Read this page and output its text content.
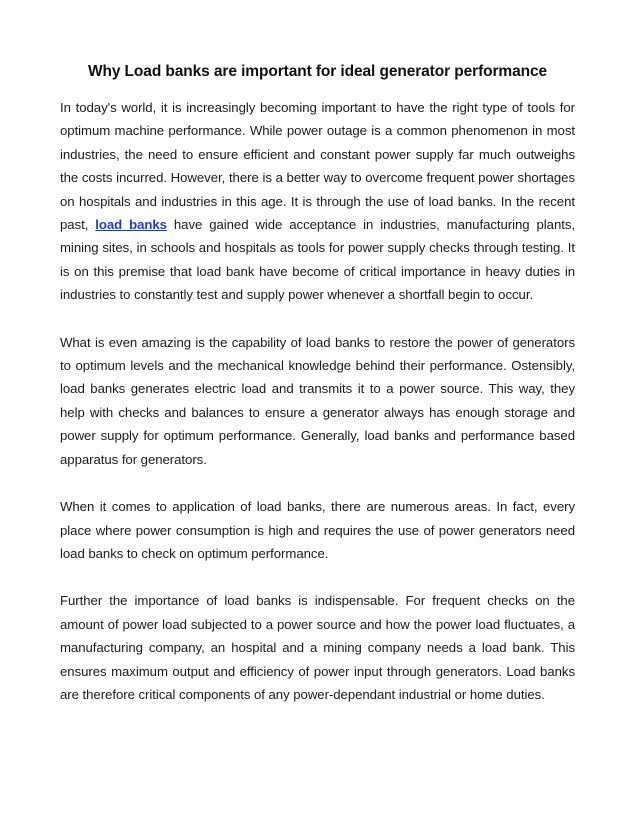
Why Load banks are important for ideal generator performance

In today's world, it is increasingly becoming important to have the right type of tools for optimum machine performance. While power outage is a common phenomenon in most industries, the need to ensure efficient and constant power supply far much outweighs the costs incurred. However, there is a better way to overcome frequent power shortages on hospitals and industries in this age. It is through the use of load banks. In the recent past, load banks have gained wide acceptance in industries, manufacturing plants, mining sites, in schools and hospitals as tools for power supply checks through testing. It is on this premise that load bank have become of critical importance in heavy duties in industries to constantly test and supply power whenever a shortfall begin to occur.

What is even amazing is the capability of load banks to restore the power of generators to optimum levels and the mechanical knowledge behind their performance. Ostensibly, load banks generates electric load and transmits it to a power source. This way, they help with checks and balances to ensure a generator always has enough storage and power supply for optimum performance. Generally, load banks and performance based apparatus for generators.

When it comes to application of load banks, there are numerous areas. In fact, every place where power consumption is high and requires the use of power generators need load banks to check on optimum performance.

Further the importance of load banks is indispensable. For frequent checks on the amount of power load subjected to a power source and how the power load fluctuates, a manufacturing company, an hospital and a mining company needs a load bank. This ensures maximum output and efficiency of power input through generators. Load banks are therefore critical components of any power-dependant industrial or home duties.
